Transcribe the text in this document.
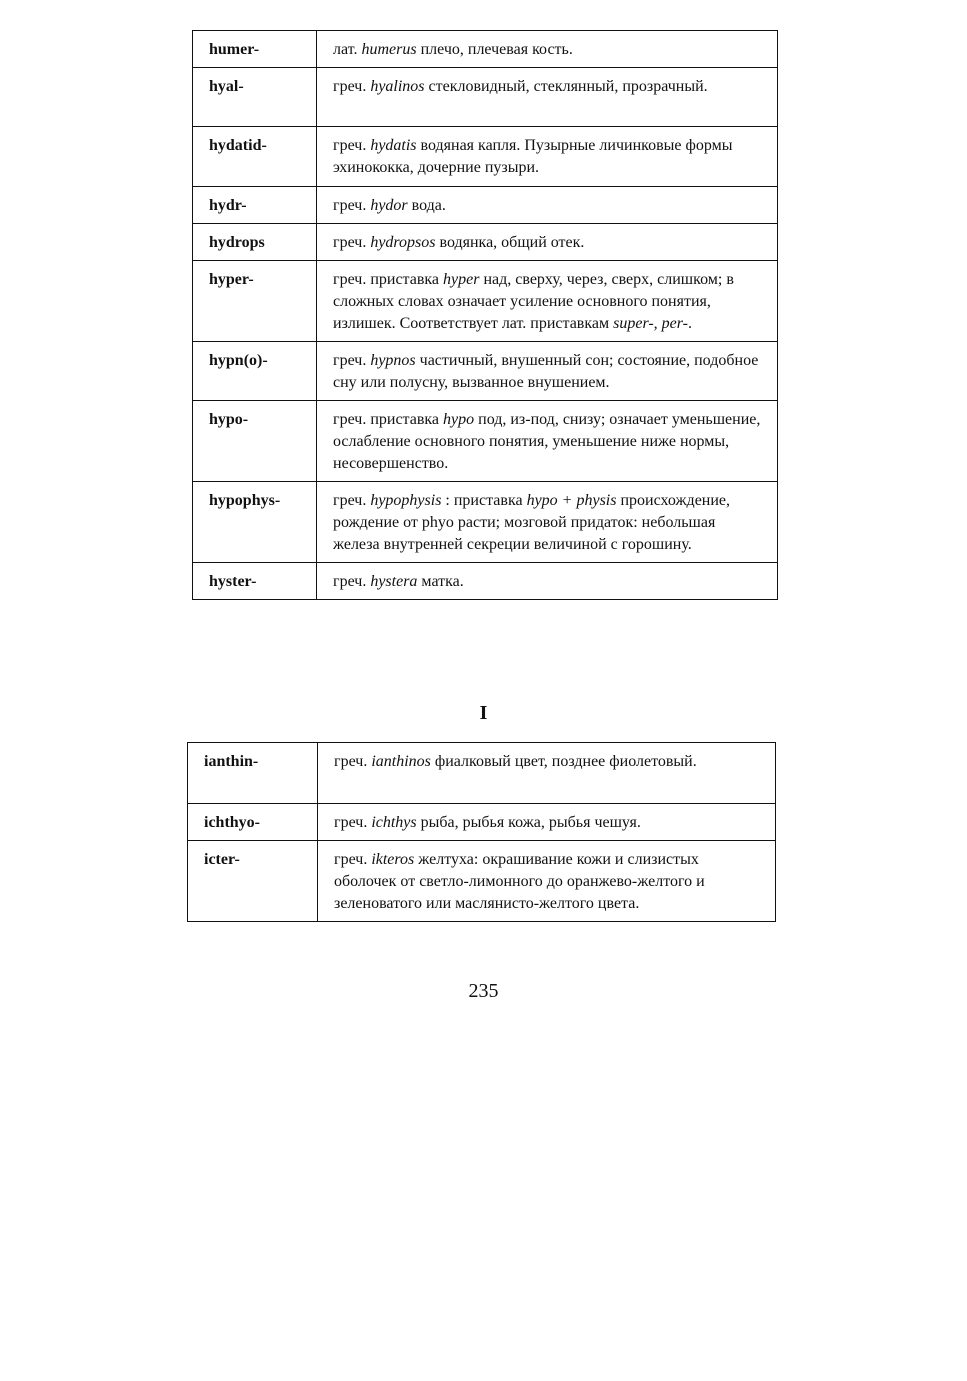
humer-	лат. humerus плечо, плечевая кость.
hyal-	греч. hyalinos стекловидный, стеклянный, прозрачный.
hydatid-	греч. hydatis водяная капля. Пузырные личинковые формы эхинококка, дочерние пузыри.
hydr-	греч. hydor вода.
hydrops	греч. hydropsos водянка, общий отек.
hyper-	греч. приставка hyper над, сверху, через, сверх, слишком; в сложных словах означает усиление основного понятия, излишек. Соответствует лат. приставкам super-, per-.
hypn(o)-	греч. hypnos частичный, внушенный сон; состояние, подобное сну или полусну, вызванное внушением.
hypo-	греч. приставка hypo под, из-под, снизу; означает уменьшение, ослабление основного понятия, уменьшение ниже нормы, несовершенство.
hypophys-	греч. hypophysis : приставка hypo + physis происхождение, рождение от phyo расти; мозговой придаток: небольшая железа внутренней секреции величиной с горошину.
hyster-	греч. hystera матка.
I
ianthin-	греч. ianthinos фиалковый цвет, позднее фиолетовый.
ichthyo-	греч. ichthys рыба, рыбья кожа, рыбья чешуя.
icter-	греч. ikteros желтуха: окрашивание кожи и слизистых оболочек от светло-лимонного до оранжево-желтого и зеленоватого или маслянисто-желтого цвета.
235
